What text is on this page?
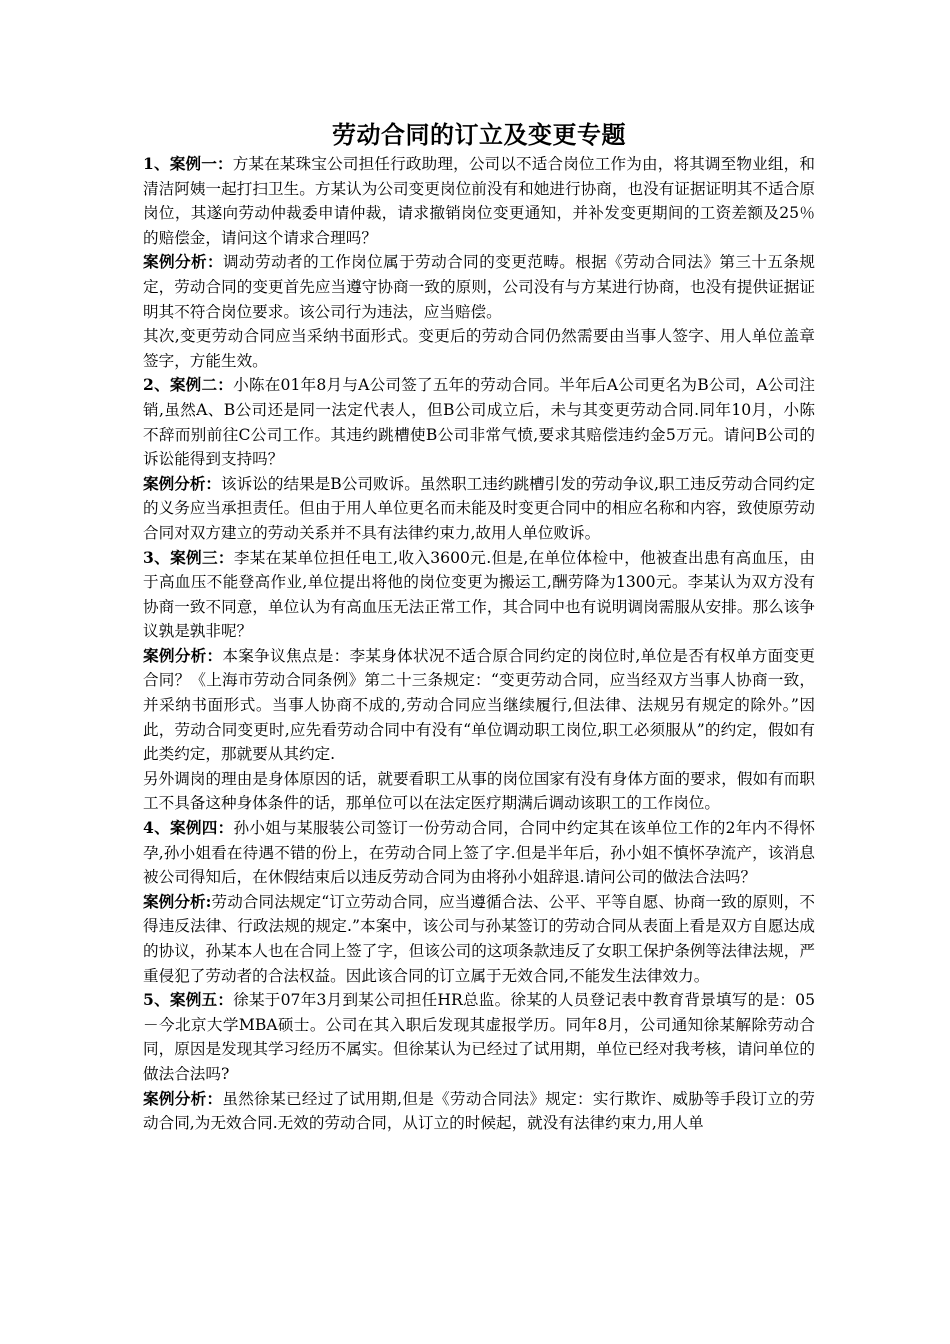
劳动合同的订立及变更专题

1、案例一：方某在某珠宝公司担任行政助理，公司以不适合岗位工作为由，将其调至物业组，和清洁阿姨一起打扫卫生。方某认为公司变更岗位前没有和她进行协商，也没有证据证明其不适合原岗位，其遂向劳动仲裁委申请仲裁，请求撤销岗位变更通知，并补发变更期间的工资差额及25％的赔偿金，请问这个请求合理吗？

案例分析：调动劳动者的工作岗位属于劳动合同的变更范畴。根据《劳动合同法》第三十五条规定，劳动合同的变更首先应当遵守协商一致的原则，公司没有与方某进行协商，也没有提供证据证明其不符合岗位要求。该公司行为违法，应当赔偿。

其次,变更劳动合同应当采纳书面形式。变更后的劳动合同仍然需要由当事人签字、用人单位盖章签字，方能生效。

2、案例二：小陈在01年8月与A公司签了五年的劳动合同。半年后A公司更名为B公司，A公司注销,虽然A、B公司还是同一法定代表人，但B公司成立后，未与其变更劳动合同.同年10月，小陈不辞而别前往C公司工作。其违约跳槽使B公司非常气愤,要求其赔偿违约金5万元。请问B公司的诉讼能得到支持吗？

案例分析：该诉讼的结果是B公司败诉。虽然职工违约跳槽引发的劳动争议,职工违反劳动合同约定的义务应当承担责任。但由于用人单位更名而未能及时变更合同中的相应名称和内容，致使原劳动合同对双方建立的劳动关系并不具有法律约束力,故用人单位败诉。

3、案例三：李某在某单位担任电工,收入3600元.但是,在单位体检中，他被查出患有高血压，由于高血压不能登高作业,单位提出将他的岗位变更为搬运工,酬劳降为1300元。李某认为双方没有协商一致不同意，单位认为有高血压无法正常工作，其合同中也有说明调岗需服从安排。那么该争议孰是孰非呢？

案例分析：本案争议焦点是：李某身体状况不适合原合同约定的岗位时,单位是否有权单方面变更合同？《上海市劳动合同条例》第二十三条规定：“变更劳动合同，应当经双方当事人协商一致，并采纳书面形式。当事人协商不成的,劳动合同应当继续履行,但法律、法规另有规定的除外。”因此，劳动合同变更时,应先看劳动合同中有没有“单位调动职工岗位,职工必须服从”的约定，假如有此类约定，那就要从其约定.

另外调岗的理由是身体原因的话，就要看职工从事的岗位国家有没有身体方面的要求，假如有而职工不具备这种身体条件的话，那单位可以在法定医疗期满后调动该职工的工作岗位。

4、案例四：孙小姐与某服装公司签订一份劳动合同，合同中约定其在该单位工作的2年内不得怀孕,孙小姐看在待遇不错的份上，在劳动合同上签了字.但是半年后，孙小姐不慎怀孕流产，该消息被公司得知后，在休假结束后以违反劳动合同为由将孙小姐辞退.请问公司的做法合法吗？

案例分析:劳动合同法规定“订立劳动合同，应当遵循合法、公平、平等自愿、协商一致的原则，不得违反法律、行政法规的规定.”本案中，该公司与孙某签订的劳动合同从表面上看是双方自愿达成的协议，孙某本人也在合同上签了字，但该公司的这项条款违反了女职工保护条例等法律法规，严重侵犯了劳动者的合法权益。因此该合同的订立属于无效合同,不能发生法律效力。

5、案例五：徐某于07年3月到某公司担任HR总监。徐某的人员登记表中教育背景填写的是：05－今北京大学MBA硕士。公司在其入职后发现其虚报学历。同年8月，公司通知徐某解除劳动合同，原因是发现其学习经历不属实。但徐某认为已经过了试用期，单位已经对我考核，请问单位的做法合法吗?

案例分析：虽然徐某已经过了试用期,但是《劳动合同法》规定：实行欺诈、威胁等手段订立的劳动合同,为无效合同.无效的劳动合同，从订立的时候起，就没有法律约束力,用人单
